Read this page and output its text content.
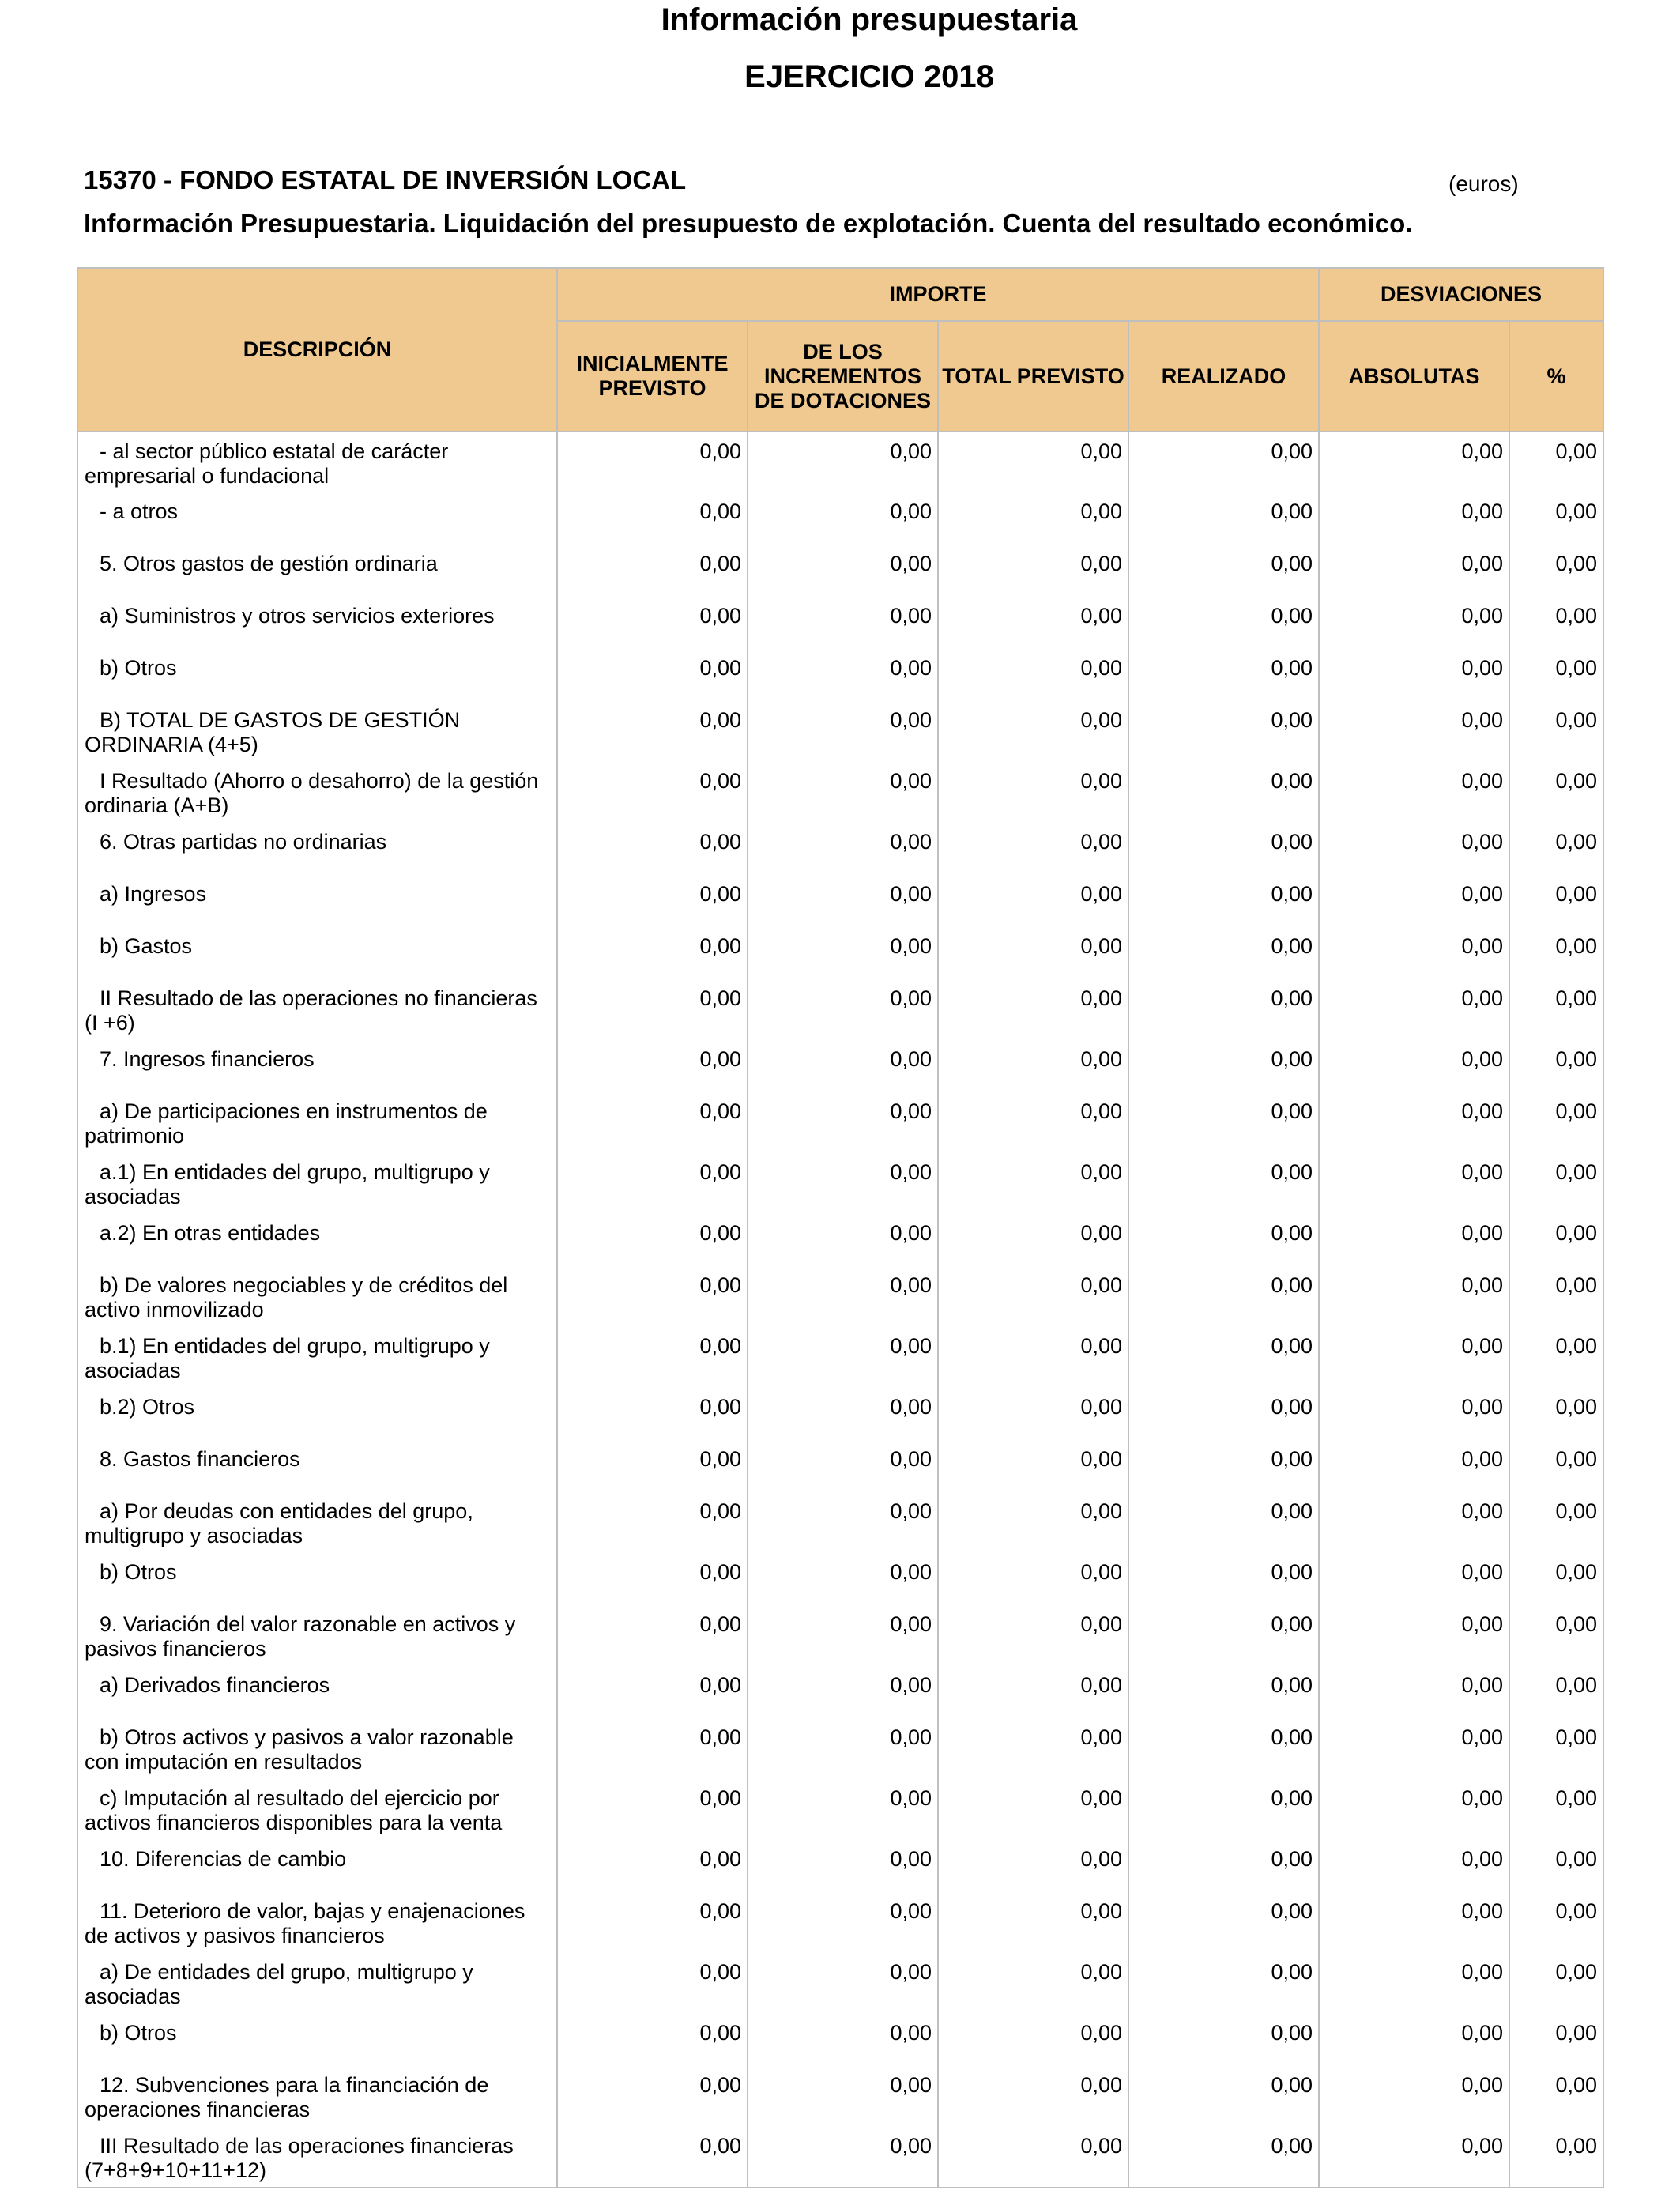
Información presupuestaria
EJERCICIO 2018
15370 - FONDO ESTATAL DE INVERSIÓN LOCAL	(euros)
Información Presupuestaria. Liquidación del presupuesto de explotación. Cuenta del resultado económico.
DESCRIPCIÓN	IMPORTE				DESVIACIONES	
	INICIALMENTE PREVISTO	DE LOS INCREMENTOS DE DOTACIONES	TOTAL PREVISTO	REALIZADO	ABSOLUTAS	%
- al sector público estatal de carácter empresarial o fundacional	0,00	0,00	0,00	0,00	0,00	0,00
- a otros	0,00	0,00	0,00	0,00	0,00	0,00
5. Otros gastos de gestión ordinaria	0,00	0,00	0,00	0,00	0,00	0,00
a) Suministros y otros servicios exteriores	0,00	0,00	0,00	0,00	0,00	0,00
b) Otros	0,00	0,00	0,00	0,00	0,00	0,00
B) TOTAL DE GASTOS DE GESTIÓN ORDINARIA (4+5)	0,00	0,00	0,00	0,00	0,00	0,00
I Resultado (Ahorro o desahorro) de la gestión ordinaria (A+B)	0,00	0,00	0,00	0,00	0,00	0,00
6. Otras partidas no ordinarias	0,00	0,00	0,00	0,00	0,00	0,00
a) Ingresos	0,00	0,00	0,00	0,00	0,00	0,00
b) Gastos	0,00	0,00	0,00	0,00	0,00	0,00
II Resultado de las operaciones no financieras (I +6)	0,00	0,00	0,00	0,00	0,00	0,00
7. Ingresos financieros	0,00	0,00	0,00	0,00	0,00	0,00
a) De participaciones en instrumentos de patrimonio	0,00	0,00	0,00	0,00	0,00	0,00
a.1) En entidades del grupo, multigrupo y asociadas	0,00	0,00	0,00	0,00	0,00	0,00
a.2) En otras entidades	0,00	0,00	0,00	0,00	0,00	0,00
b) De valores negociables y de créditos del activo inmovilizado	0,00	0,00	0,00	0,00	0,00	0,00
b.1) En entidades del grupo, multigrupo y asociadas	0,00	0,00	0,00	0,00	0,00	0,00
b.2) Otros	0,00	0,00	0,00	0,00	0,00	0,00
8. Gastos financieros	0,00	0,00	0,00	0,00	0,00	0,00
a) Por deudas con entidades del grupo, multigrupo y asociadas	0,00	0,00	0,00	0,00	0,00	0,00
b) Otros	0,00	0,00	0,00	0,00	0,00	0,00
9. Variación del valor razonable en activos y pasivos financieros	0,00	0,00	0,00	0,00	0,00	0,00
a) Derivados financieros	0,00	0,00	0,00	0,00	0,00	0,00
b) Otros activos y pasivos a valor razonable con imputación en resultados	0,00	0,00	0,00	0,00	0,00	0,00
c) Imputación al resultado del ejercicio por activos financieros disponibles para la venta	0,00	0,00	0,00	0,00	0,00	0,00
10. Diferencias de cambio	0,00	0,00	0,00	0,00	0,00	0,00
11. Deterioro de valor, bajas y enajenaciones de activos y pasivos financieros	0,00	0,00	0,00	0,00	0,00	0,00
a) De entidades del grupo, multigrupo y asociadas	0,00	0,00	0,00	0,00	0,00	0,00
b) Otros	0,00	0,00	0,00	0,00	0,00	0,00
12. Subvenciones para la financiación de operaciones financieras	0,00	0,00	0,00	0,00	0,00	0,00
III Resultado de las operaciones financieras (7+8+9+10+11+12)	0,00	0,00	0,00	0,00	0,00	0,00
